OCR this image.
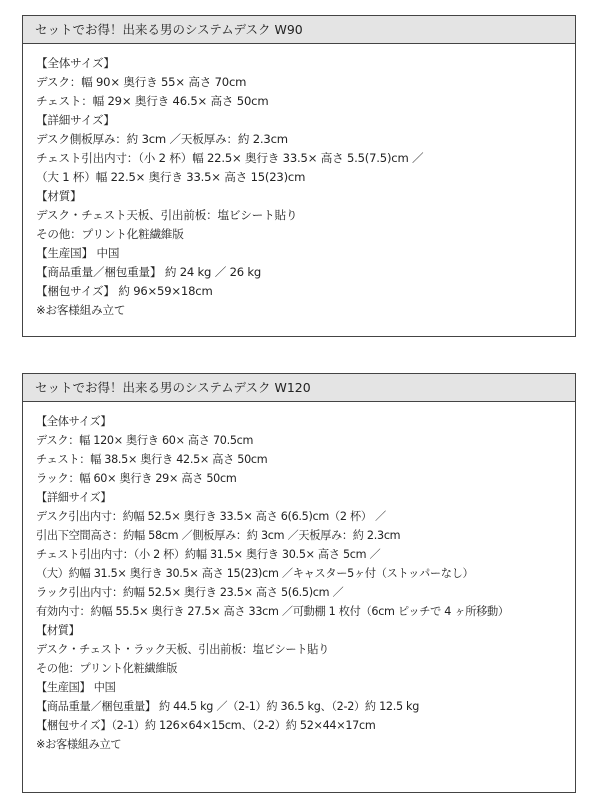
セットでお得！出来る男のシステムデスク W90
【全体サイズ】
デスク：幅 90× 奥行き 55× 高さ 70cm
チェスト：幅 29× 奥行き 46.5× 高さ 50cm
【詳細サイズ】
デスク側板厚み：約 3cm ／天板厚み：約 2.3cm
チェスト引出内寸：（小 2 杯）幅 22.5× 奥行き 33.5× 高さ 5.5(7.5)cm ／
（大 1 杯）幅 22.5× 奥行き 33.5× 高さ 15(23)cm
【材質】
デスク・チェスト天板、引出前板：塩ビシート貼り
その他：プリント化粧繊維版
【生産国】 中国
【商品重量／梱包重量】 約 24 kg ／ 26 kg
【梱包サイズ】 約 96×59×18cm
※お客様組み立て
セットでお得！出来る男のシステムデスク W120
【全体サイズ】
デスク：幅 120× 奥行き 60× 高さ 70.5cm
チェスト：幅 38.5× 奥行き 42.5× 高さ 50cm
ラック：幅 60× 奥行き 29× 高さ 50cm
【詳細サイズ】
デスク引出内寸：約幅 52.5× 奥行き 33.5× 高さ 6(6.5)cm（2 杯） ／
引出下空間高さ：約幅 58cm ／側板厚み：約 3cm ／天板厚み：約 2.3cm
チェスト引出内寸：（小 2 杯）約幅 31.5× 奥行き 30.5× 高さ 5cm ／
（大）約幅 31.5× 奥行き 30.5× 高さ 15(23)cm ／キャスター5ヶ付（ストッパーなし）
ラック引出内寸：約幅 52.5× 奥行き 23.5× 高さ 5(6.5)cm ／
有効内寸：約幅 55.5× 奥行き 27.5× 高さ 33cm ／可動棚 1 枚付（6cm ピッチで 4 ヶ所移動）
【材質】
デスク・チェスト・ラック天板、引出前板：塩ビシート貼り
その他：プリント化粧繊維版
【生産国】 中国
【商品重量／梱包重量】 約 44.5 kg ／（2-1）約 36.5 kg、（2-2）約 12.5 kg
【梱包サイズ】（2-1）約 126×64×15cm、（2-2）約 52×44×17cm
※お客様組み立て
